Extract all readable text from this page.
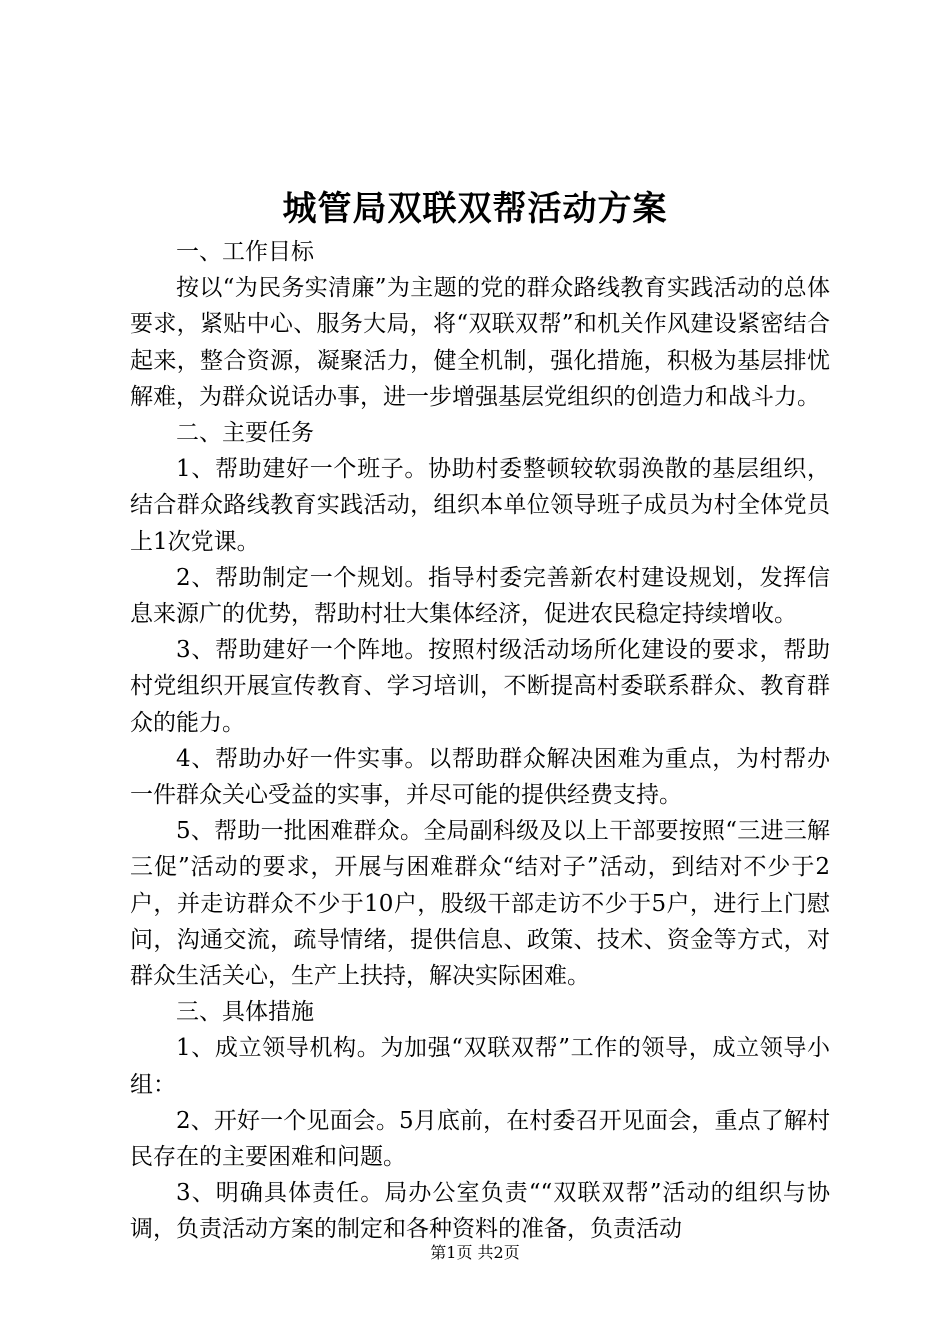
城管局双联双帮活动方案

一、工作目标

按以“为民务实清廉”为主题的党的群众路线教育实践活动的总体要求，紧贴中心、服务大局，将“双联双帮”和机关作风建设紧密结合起来，整合资源，凝聚活力，健全机制，强化措施，积极为基层排忧解难，为群众说话办事，进一步增强基层党组织的创造力和战斗力。

二、主要任务

1、帮助建好一个班子。协助村委整顿较软弱涣散的基层组织，结合群众路线教育实践活动，组织本单位领导班子成员为村全体党员上1次党课。

2、帮助制定一个规划。指导村委完善新农村建设规划，发挥信息来源广的优势，帮助村壮大集体经济，促进农民稳定持续增收。

3、帮助建好一个阵地。按照村级活动场所化建设的要求，帮助村党组织开展宣传教育、学习培训，不断提高村委联系群众、教育群众的能力。

4、帮助办好一件实事。以帮助群众解决困难为重点，为村帮办一件群众关心受益的实事，并尽可能的提供经费支持。

5、帮助一批困难群众。全局副科级及以上干部要按照“三进三解三促”活动的要求，开展与困难群众“结对子”活动，到结对不少于2户，并走访群众不少于10户，股级干部走访不少于5户，进行上门慰问，沟通交流，疏导情绪，提供信息、政策、技术、资金等方式，对群众生活关心，生产上扶持，解决实际困难。

三、具体措施

1、成立领导机构。为加强“双联双帮”工作的领导，成立领导小组：

2、开好一个见面会。5月底前，在村委召开见面会，重点了解村民存在的主要困难和问题。

3、明确具体责任。局办公室负责““双联双帮”活动的组织与协调，负责活动方案的制定和各种资料的准备，负责活动

第1页 共2页
